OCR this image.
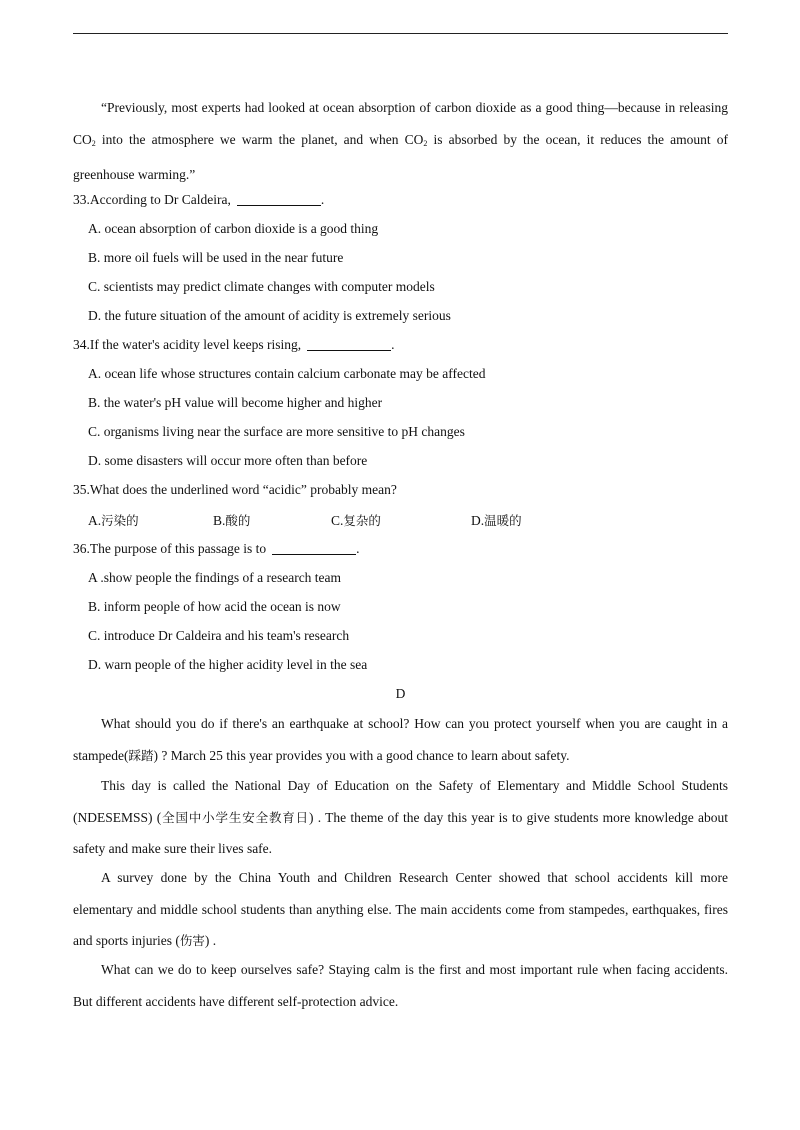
“Previously, most experts had looked at ocean absorption of carbon dioxide as a good thing—because in releasing $CO_2$ into the atmosphere we warm the planet, and when $CO_2$ is absorbed by the ocean, it reduces the amount of greenhouse warming.”
33.According to Dr Caldeira,	.
A. ocean absorption of carbon dioxide is a good thing
B. more oil fuels will be used in the near future
C. scientists may predict climate changes with computer models
D. the future situation of the amount of acidity is extremely serious
34.If the water's acidity level keeps rising,	.
A. ocean life whose structures contain calcium carbonate may be affected
B. the water's pH value will become higher and higher
C. organisms living near the surface are more sensitive to pH changes
D. some disasters will occur more often than before
35.What does the underlined word “acidic” probably mean?
A.污染的	B.酸的	C.复杂的	D.温暖的
36.The purpose of this passage is to	.
A .show people the findings of a research team
B. inform people of how acid the ocean is now
C. introduce Dr Caldeira and his team's research
D. warn people of the higher acidity level in the sea
D
What should you do if there's an earthquake at school? How can you protect yourself when you are caught in a stampede(踩踏) ? March 25 this year provides you with a good chance to learn about safety.
This day is called the National Day of Education on the Safety of Elementary and Middle School Students (NDESEMSS) (全国中小学生安全教育日) . The theme of the day this year is to give students more knowledge about safety and make sure their lives safe.
A survey done by the China Youth and Children Research Center showed that school accidents kill more elementary and middle school students than anything else. The main accidents come from stampedes, earthquakes, fires and sports injuries (伤害) .
What can we do to keep ourselves safe? Staying calm is the first and most important rule when facing accidents. But different accidents have different self-protection advice.
